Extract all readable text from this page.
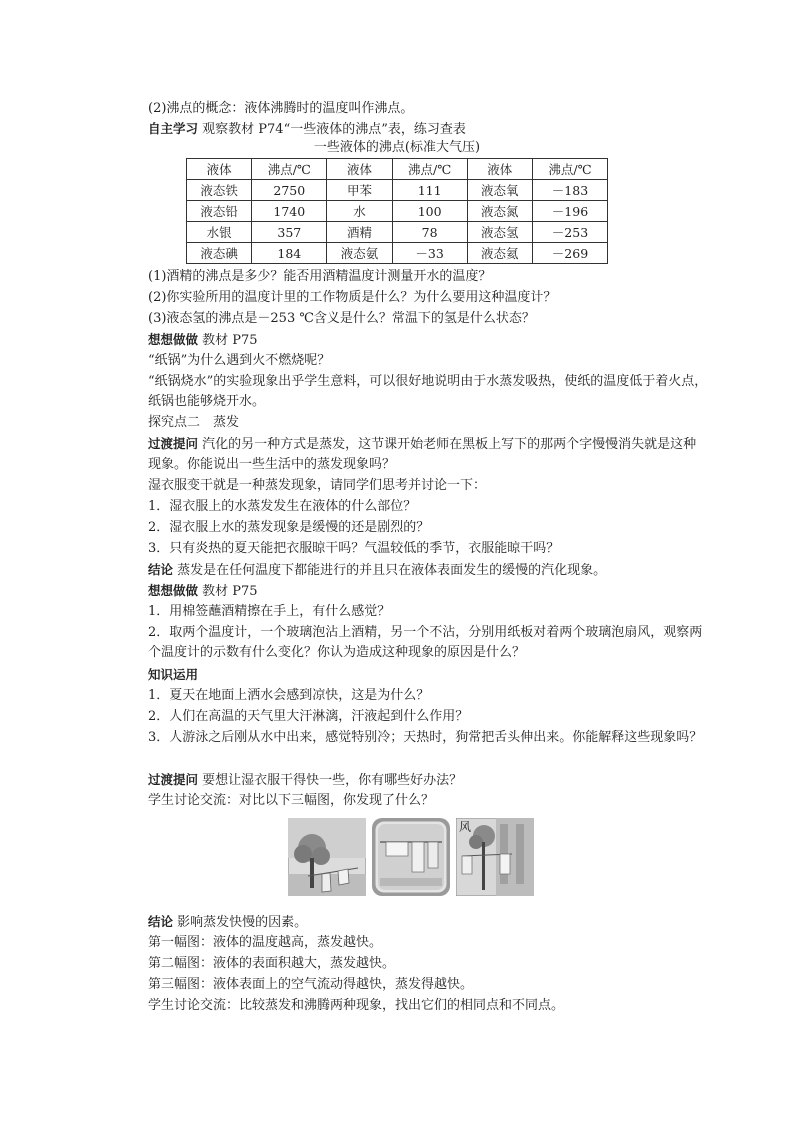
(2)沸点的概念：液体沸腾时的温度叫作沸点。
自主学习 观察教材 P74“一些液体的沸点”表，练习查表
一些液体的沸点(标准大气压)
液体	沸点/℃	液体	沸点/℃	液体	沸点/℃
液态铁	2750	甲苯	111	液态氧	－183
液态铅	1740	水	100	液态氮	－196
水银	357	酒精	78	液态氢	－253
液态碘	184	液态氨	－33	液态氦	－269
(1)酒精的沸点是多少？能否用酒精温度计测量开水的温度？
(2)你实验所用的温度计里的工作物质是什么？为什么要用这种温度计？
(3)液态氢的沸点是－253 ℃含义是什么？常温下的氢是什么状态？
想想做做 教材 P75
“纸锅”为什么遇到火不燃烧呢？
“纸锅烧水”的实验现象出乎学生意料，可以很好地说明由于水蒸发吸热，使纸的温度低于着火点，纸锅也能够烧开水。
探究点二　蒸发
过渡提问 汽化的另一种方式是蒸发，这节课开始老师在黑板上写下的那两个字慢慢消失就是这种现象。你能说出一些生活中的蒸发现象吗？
湿衣服变干就是一种蒸发现象，请同学们思考并讨论一下：
1．湿衣服上的水蒸发发生在液体的什么部位？
2．湿衣服上水的蒸发现象是缓慢的还是剧烈的？
3．只有炎热的夏天能把衣服晾干吗？气温较低的季节，衣服能晾干吗？
结论 蒸发是在任何温度下都能进行的并且只在液体表面发生的缓慢的汽化现象。
想想做做 教材 P75
1．用棉签蘸酒精擦在手上，有什么感觉？
2．取两个温度计，一个玻璃泡沾上酒精，另一个不沾，分别用纸板对着两个玻璃泡扇风，观察两个温度计的示数有什么变化？你认为造成这种现象的原因是什么？
知识运用
1．夏天在地面上洒水会感到凉快，这是为什么？
2．人们在高温的天气里大汗淋漓，汗液起到什么作用？
3．人游泳之后刚从水中出来，感觉特别冷；天热时，狗常把舌头伸出来。你能解释这些现象吗？
过渡提问 要想让湿衣服干得快一些，你有哪些好办法？
学生讨论交流：对比以下三幅图，你发现了什么？
风
结论 影响蒸发快慢的因素。
第一幅图：液体的温度越高，蒸发越快。
第二幅图：液体的表面积越大，蒸发越快。
第三幅图：液体表面上的空气流动得越快，蒸发得越快。
学生讨论交流：比较蒸发和沸腾两种现象，找出它们的相同点和不同点。
